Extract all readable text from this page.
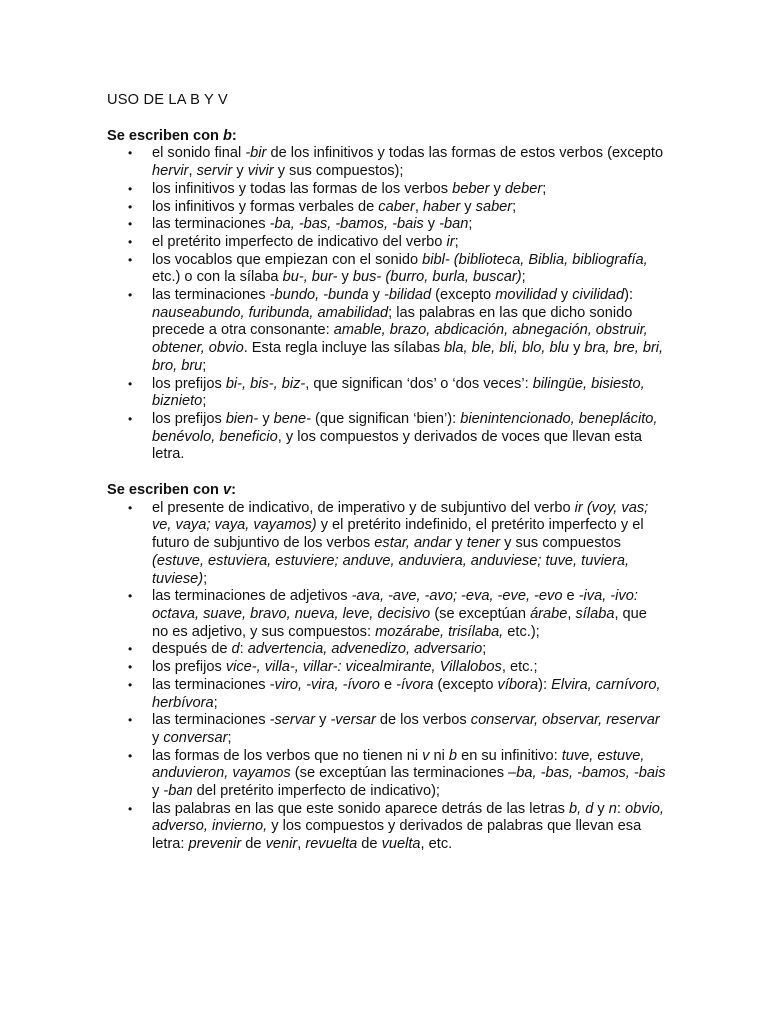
USO DE LA B Y V

Se escriben con b:

• el sonido final -bir de los infinitivos y todas las formas de estos verbos (excepto hervir, servir y vivir y sus compuestos);
• los infinitivos y todas las formas de los verbos beber y deber;
• los infinitivos y formas verbales de caber, haber y saber;
• las terminaciones -ba, -bas, -bamos, -bais y -ban;
• el pretérito imperfecto de indicativo del verbo ir;
• los vocablos que empiezan con el sonido bibl- (biblioteca, Biblia, bibliografía, etc.) o con la sílaba bu-, bur- y bus- (burro, burla, buscar);
• las terminaciones -bundo, -bunda y -bilidad (excepto movilidad y civilidad): nauseabundo, furibunda, amabilidad; las palabras en las que dicho sonido precede a otra consonante: amable, brazo, abdicación, abnegación, obstruir, obtener, obvio. Esta regla incluye las sílabas bla, ble, bli, blo, blu y bra, bre, bri, bro, bru;
• los prefijos bi-, bis-, biz-, que significan ‘dos’ o ‘dos veces’: bilingüe, bisiesto, biznieto;
• los prefijos bien- y bene- (que significan ‘bien’): bienintencionado, beneplácito, benévolo, beneficio, y los compuestos y derivados de voces que llevan esta letra.

Se escriben con v:

• el presente de indicativo, de imperativo y de subjuntivo del verbo ir (voy, vas; ve, vaya; vaya, vayamos) y el pretérito indefinido, el pretérito imperfecto y el futuro de subjuntivo de los verbos estar, andar y tener y sus compuestos (estuve, estuviera, estuviere; anduve, anduviera, anduviese; tuve, tuviera, tuviese);
• las terminaciones de adjetivos -ava, -ave, -avo; -eva, -eve, -evo e -iva, -ivo: octava, suave, bravo, nueva, leve, decisivo (se exceptúan árabe, sílaba, que no es adjetivo, y sus compuestos: mozárabe, trisílaba, etc.);
• después de d: advertencia, advenedizo, adversario;
• los prefijos vice-, villa-, villar-: vicealmirante, Villalobos, etc.;
• las terminaciones -viro, -vira, -ívoro e -ívora (excepto víbora): Elvira, carnívoro, herbívora;
• las terminaciones -servar y -versar de los verbos conservar, observar, reservar y conversar;
• las formas de los verbos que no tienen ni v ni b en su infinitivo: tuve, estuve, anduvieron, vayamos (se exceptúan las terminaciones –ba, -bas, -bamos, -bais y -ban del pretérito imperfecto de indicativo);
• las palabras en las que este sonido aparece detrás de las letras b, d y n: obvio, adverso, invierno, y los compuestos y derivados de palabras que llevan esa letra: prevenir de venir, revuelta de vuelta, etc.
